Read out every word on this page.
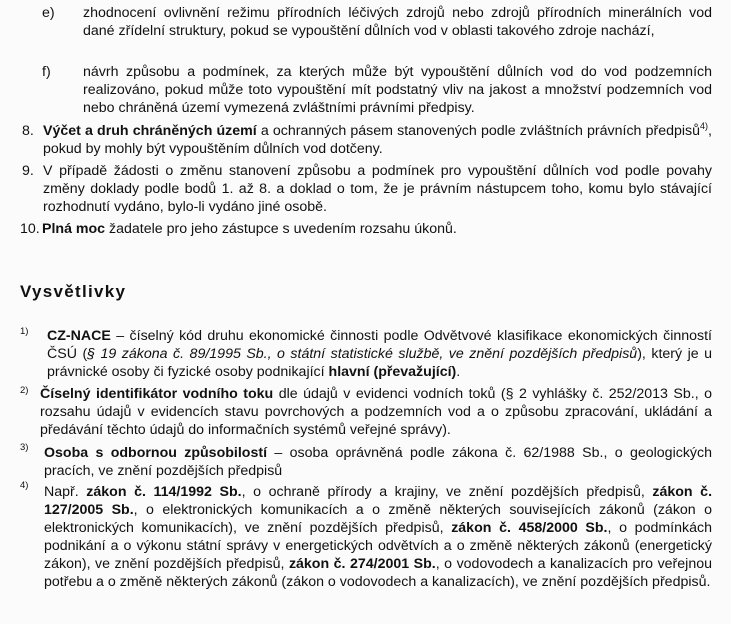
e) zhodnocení ovlivnění režimu přírodních léčivých zdrojů nebo zdrojů přírodních minerálních vod dané zřídelní struktury, pokud se vypouštění důlních vod v oblasti takového zdroje nachází,
f) návrh způsobu a podmínek, za kterých může být vypouštění důlních vod do vod podzemních realizováno, pokud může toto vypouštění mít podstatný vliv na jakost a množství podzemních vod nebo chráněná území vymezená zvláštními právními předpisy.
8. Výčet a druh chráněných území a ochranných pásem stanovených podle zvláštních právních předpisů$^{4)}$, pokud by mohly být vypouštěním důlních vod dotčeny.
9. V případě žádosti o změnu stanovení způsobu a podmínek pro vypouštění důlních vod podle povahy změny doklady podle bodů 1. až 8. a doklad o tom, že je právním nástupcem toho, komu bylo stávající rozhodnutí vydáno, bylo-li vydáno jiné osobě.
10. Plná moc žadatele pro jeho zástupce s uvedením rozsahu úkonů.
Vysvětlivky
1) CZ-NACE – číselný kód druhu ekonomické činnosti podle Odvětvové klasifikace ekonomických činností ČSÚ (§ 19 zákona č. 89/1995 Sb., o státní statistické službě, ve znění pozdějších předpisů), který je u právnické osoby či fyzické osoby podnikající hlavní (převažující).
2) Číselný identifikátor vodního toku dle údajů v evidenci vodních toků (§ 2 vyhlášky č. 252/2013 Sb., o rozsahu údajů v evidencích stavu povrchových a podzemních vod a o způsobu zpracování, ukládání a předávání těchto údajů do informačních systémů veřejné správy).
3) Osoba s odbornou způsobilostí – osoba oprávněná podle zákona č. 62/1988 Sb., o geologických pracích, ve znění pozdějších předpisů
4) Např. zákon č. 114/1992 Sb., o ochraně přírody a krajiny, ve znění pozdějších předpisů, zákon č. 127/2005 Sb., o elektronických komunikacích a o změně některých souvisejících zákonů (zákon o elektronických komunikacích), ve znění pozdějších předpisů, zákon č. 458/2000 Sb., o podmínkách podnikání a o výkonu státní správy v energetických odvětvích a o změně některých zákonů (energetický zákon), ve znění pozdějších předpisů, zákon č. 274/2001 Sb., o vodovodech a kanalizacích pro veřejnou potřebu a o změně některých zákonů (zákon o vodovodech a kanalizacích), ve znění pozdějších předpisů.
